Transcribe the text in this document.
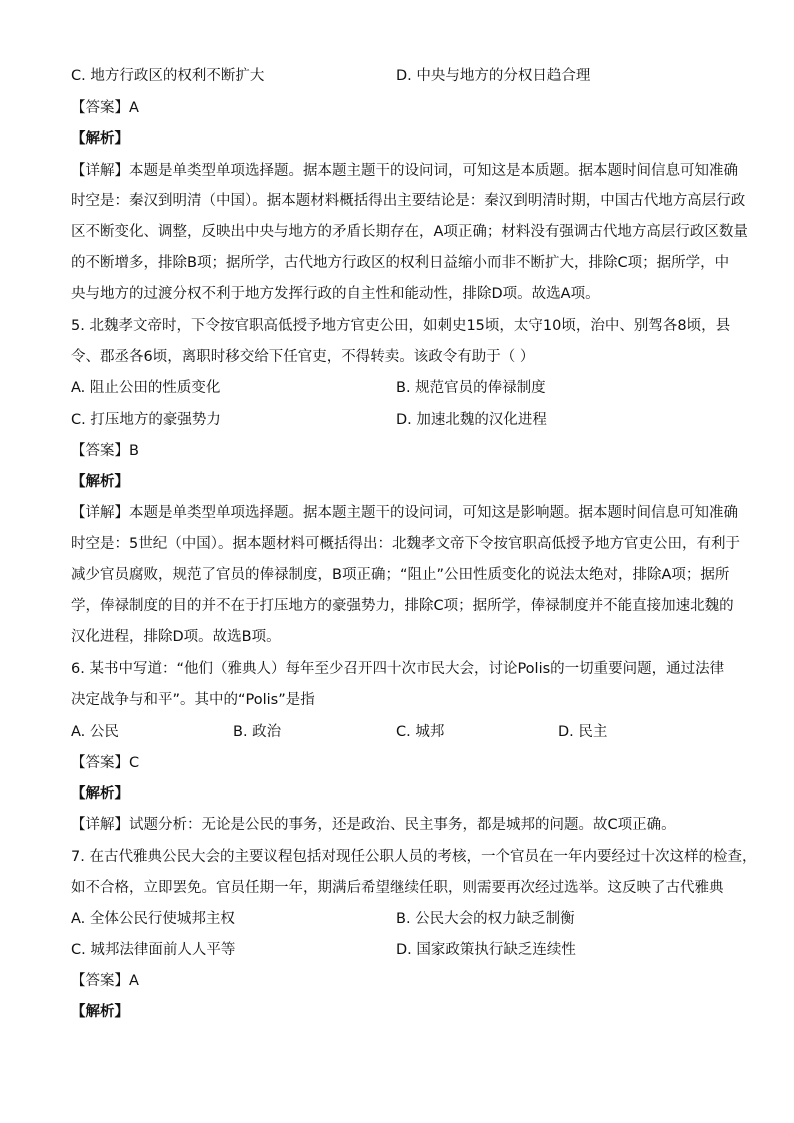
C. 地方行政区的权利不断扩大	D. 中央与地方的分权日趋合理
【答案】A
【解析】
【详解】本题是单类型单项选择题。据本题主题干的设问词，可知这是本质题。据本题时间信息可知准确
时空是：秦汉到明清（中国）。据本题材料概括得出主要结论是：秦汉到明清时期，中国古代地方高层行政
区不断变化、调整，反映出中央与地方的矛盾长期存在，A项正确；材料没有强调古代地方高层行政区数量
的不断增多，排除B项；据所学，古代地方行政区的权利日益缩小而非不断扩大，排除C项；据所学，中
央与地方的过渡分权不利于地方发挥行政的自主性和能动性，排除D项。故选A项。
5. 北魏孝文帝时，下令按官职高低授予地方官吏公田，如刺史15顷，太守10顷，治中、别驾各8顷，县
令、郡丞各6顷，离职时移交给下任官吏，不得转卖。该政令有助于（ ）
A. 阻止公田的性质变化	B. 规范官员的俸禄制度
C. 打压地方的豪强势力	D. 加速北魏的汉化进程
【答案】B
【解析】
【详解】本题是单类型单项选择题。据本题主题干的设问词，可知这是影响题。据本题时间信息可知准确
时空是：5世纪（中国）。据本题材料可概括得出：北魏孝文帝下令按官职高低授予地方官吏公田，有利于
减少官员腐败，规范了官员的俸禄制度，B项正确；“阻止”公田性质变化的说法太绝对，排除A项；据所
学，俸禄制度的目的并不在于打压地方的豪强势力，排除C项；据所学，俸禄制度并不能直接加速北魏的
汉化进程，排除D项。故选B项。
6. 某书中写道：“他们（雅典人）每年至少召开四十次市民大会，讨论Polis的一切重要问题，通过法律
决定战争与和平”。其中的“Polis”是指
A. 公民	B. 政治	C. 城邦	D. 民主
【答案】C
【解析】
【详解】试题分析：无论是公民的事务，还是政治、民主事务，都是城邦的问题。故C项正确。
7. 在古代雅典公民大会的主要议程包括对现任公职人员的考核，一个官员在一年内要经过十次这样的检查，
如不合格，立即罢免。官员任期一年，期满后希望继续任职，则需要再次经过选举。这反映了古代雅典
A. 全体公民行使城邦主权	B. 公民大会的权力缺乏制衡
C. 城邦法律面前人人平等	D. 国家政策执行缺乏连续性
【答案】A
【解析】
